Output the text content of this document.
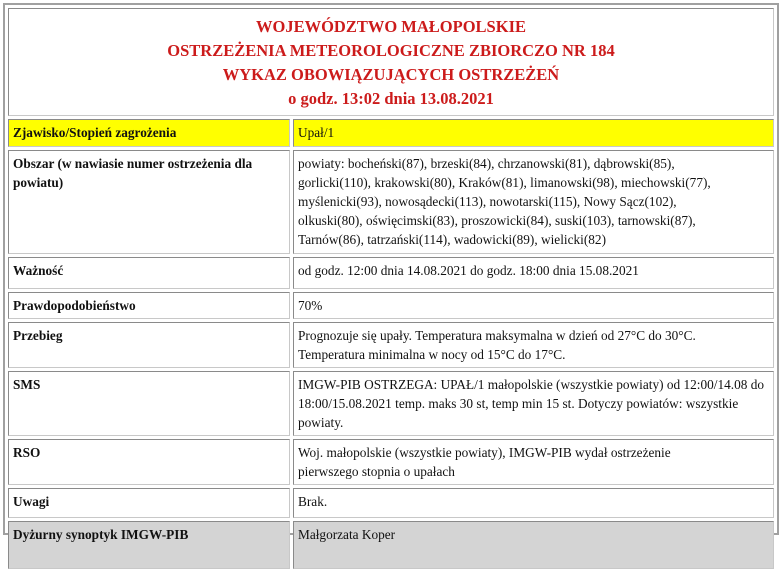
WOJEWÓDZTWO MAŁOPOLSKIE
OSTRZEŻENIA METEOROLOGICZNE ZBIORCZO NR 184
WYKAZ OBOWIĄZUJĄCYCH OSTRZEŻEŃ
o godz. 13:02 dnia 13.08.2021	

Zjawisko/Stopień zagrożenia	Upał/1
Obszar (w nawiasie numer ostrzeżenia dla powiatu)	powiaty: bocheński(87), brzeski(84), chrzanowski(81), dąbrowski(85), gorlicki(110), krakowski(80), Kraków(81), limanowski(98), miechowski(77), myślenicki(93), nowosądecki(113), nowotarski(115), Nowy Sącz(102), olkuski(80), oświęcimski(83), proszowicki(84), suski(103), tarnowski(87), Tarnów(86), tatrzański(114), wadowicki(89), wielicki(82)
Ważność	od godz. 12:00 dnia 14.08.2021 do godz. 18:00 dnia 15.08.2021
Prawdopodobieństwo	70%
Przebieg	Prognozuje się upały. Temperatura maksymalna w dzień od 27°C do 30°C. Temperatura minimalna w nocy od 15°C do 17°C.
SMS	IMGW-PIB OSTRZEGA: UPAŁ/1 małopolskie (wszystkie powiaty) od 12:00/14.08 do 18:00/15.08.2021 temp. maks 30 st, temp min 15 st. Dotyczy powiatów: wszystkie powiaty.
RSO	Woj. małopolskie (wszystkie powiaty), IMGW-PIB wydał ostrzeżenie pierwszego stopnia o upałach
Uwagi	Brak.
Dyżurny synoptyk IMGW-PIB	Małgorzata Koper
